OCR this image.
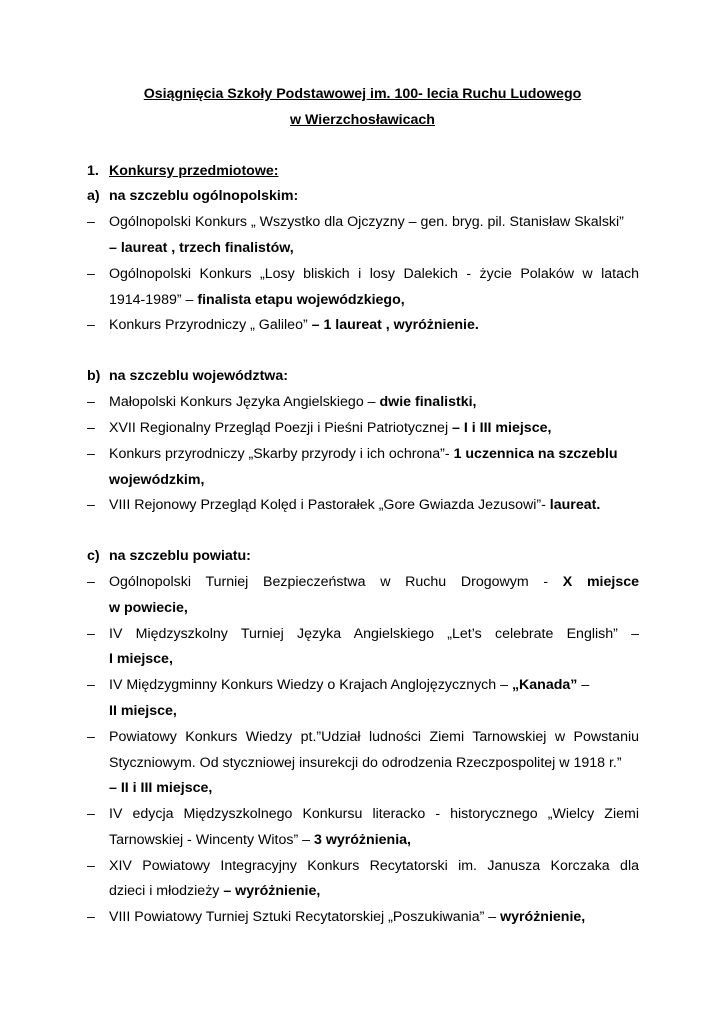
Osiągnięcia Szkoły Podstawowej im. 100- lecia Ruchu Ludowego
w Wierzchosławicach
1. Konkursy przedmiotowe:
a) na szczeblu ogólnopolskim:
– Ogólnopolski Konkurs „ Wszystko dla Ojczyzny – gen. bryg. pil. Stanisław Skalski”
– laureat , trzech finalistów,
– Ogólnopolski Konkurs „Losy bliskich i losy Dalekich - życie Polaków w latach
1914-1989” – finalista etapu wojewódzkiego,
– Konkurs Przyrodniczy „ Galileo” – 1 laureat , wyróżnienie.
b) na szczeblu województwa:
– Małopolski Konkurs Języka Angielskiego – dwie finalistki,
– XVII Regionalny Przegląd Poezji i Pieśni Patriotycznej – I i III miejsce,
– Konkurs przyrodniczy „Skarby przyrody i ich ochrona”- 1 uczennica na szczeblu
wojewódzkim,
– VIII Rejonowy Przegląd Kolęd i Pastorałek „Gore Gwiazda Jezusowi”- laureat.
c) na szczeblu powiatu:
– Ogólnopolski Turniej Bezpieczeństwa w Ruchu Drogowym - X miejsce
w powiecie,
– IV Międzyszkolny Turniej Języka Angielskiego „Let’s celebrate English” –
I miejsce,
– IV Międzygminny Konkurs Wiedzy o Krajach Anglojęzycznych – „Kanada” –
II miejsce,
– Powiatowy Konkurs Wiedzy pt.”Udział ludności Ziemi Tarnowskiej w Powstaniu
Styczniowym. Od styczniowej insurekcji do odrodzenia Rzeczpospolitej w 1918 r.”
– II i III miejsce,
– IV edycja Międzyszkolnego Konkursu literacko - historycznego „Wielcy Ziemi
Tarnowskiej - Wincenty Witos” – 3 wyróżnienia,
– XIV Powiatowy Integracyjny Konkurs Recytatorski im. Janusza Korczaka dla
dzieci i młodzieży – wyróżnienie,
– VIII Powiatowy Turniej Sztuki Recytatorskiej „Poszukiwania” – wyróżnienie,
